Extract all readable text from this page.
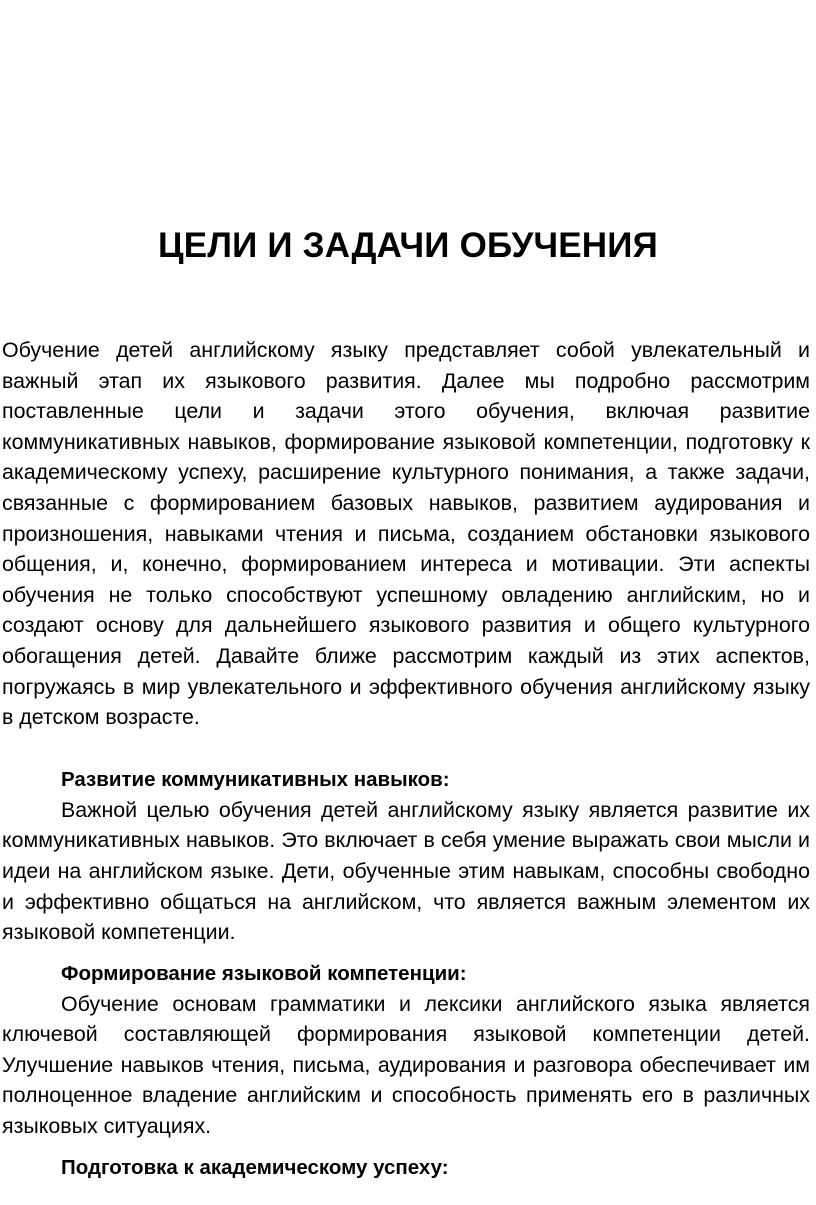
ЦЕЛИ И ЗАДАЧИ ОБУЧЕНИЯ

Обучение детей английскому языку представляет собой увлекательный и важный этап их языкового развития. Далее мы подробно рассмотрим поставленные цели и задачи этого обучения, включая развитие коммуникативных навыков, формирование языковой компетенции, подготовку к академическому успеху, расширение культурного понимания, а также задачи, связанные с формированием базовых навыков, развитием аудирования и произношения, навыками чтения и письма, созданием обстановки языкового общения, и, конечно, формированием интереса и мотивации. Эти аспекты обучения не только способствуют успешному овладению английским, но и создают основу для дальнейшего языкового развития и общего культурного обогащения детей. Давайте ближе рассмотрим каждый из этих аспектов, погружаясь в мир увлекательного и эффективного обучения английскому языку в детском возрасте.

Развитие коммуникативных навыков:

Важной целью обучения детей английскому языку является развитие их коммуникативных навыков. Это включает в себя умение выражать свои мысли и идеи на английском языке. Дети, обученные этим навыкам, способны свободно и эффективно общаться на английском, что является важным элементом их языковой компетенции.

Формирование языковой компетенции:

Обучение основам грамматики и лексики английского языка является ключевой составляющей формирования языковой компетенции детей. Улучшение навыков чтения, письма, аудирования и разговора обеспечивает им полноценное владение английским и способность применять его в различных языковых ситуациях.

Подготовка к академическому успеху:
